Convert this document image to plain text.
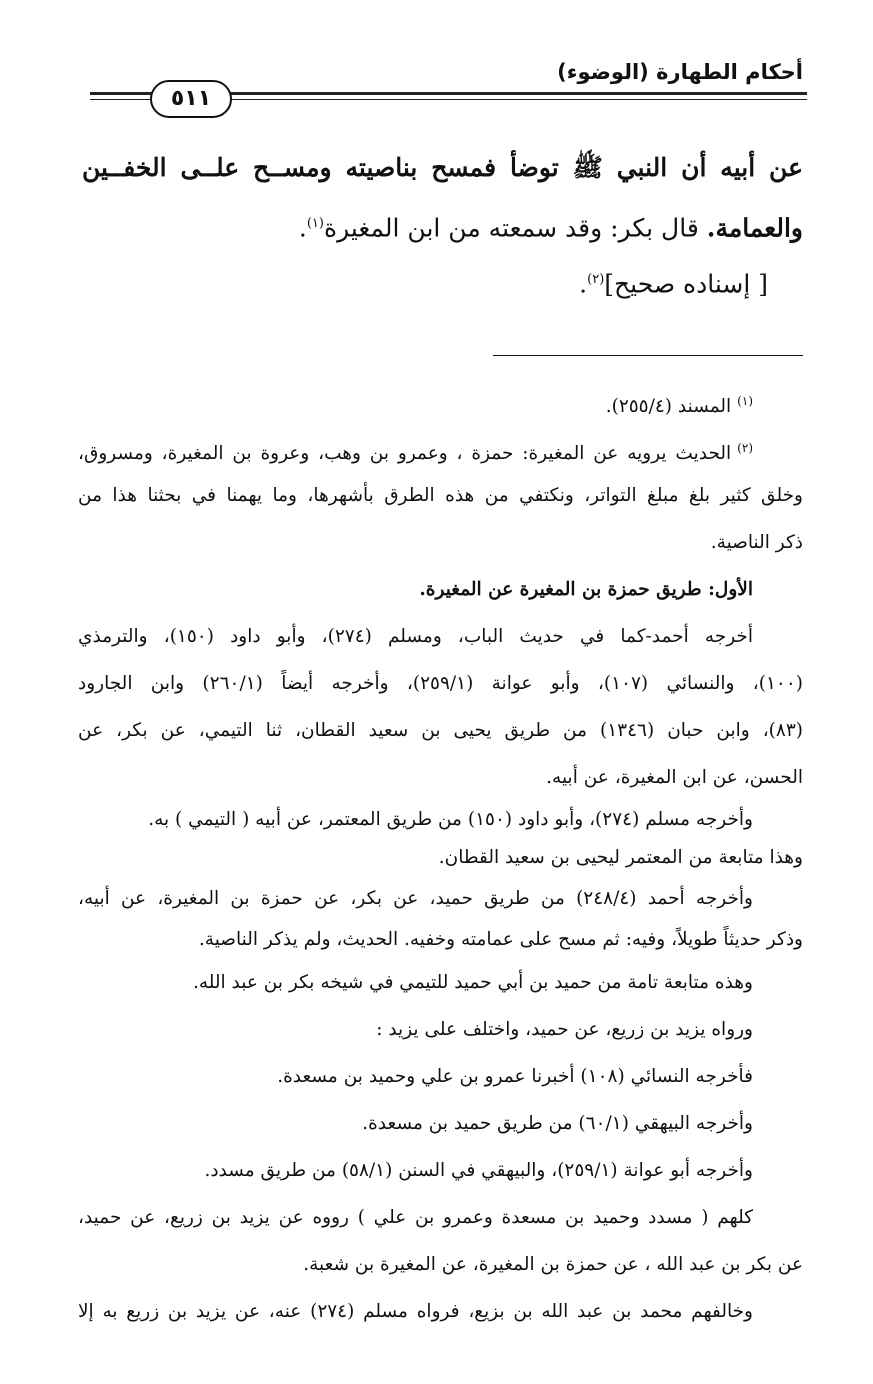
أحكام الطهارة (الوضوء)
٥١١
عن أبيه أن النبي ﷺ توضأ فمسح بناصيته ومســح علــى الخفــين
والعمامة. قال بكر: وقد سمعته من ابن المغيرة$^{(١)}$.
[ إسناده صحيح]$^{(٢)}$.
$^{(١)}$المسند (٢٥٥/٤).
$^{(٢)}$الحديث يرويه عن المغيرة: حمزة ، وعمرو بن وهب، وعروة بن المغيرة، ومسروق،
وخلق كثير بلغ مبلغ التواتر، ونكتفي من هذه الطرق بأشهرها، وما يهمنا في بحثنا هذا من
ذكر الناصية.
الأول: طريق حمزة بن المغيرة عن المغيرة.
أخرجه أحمد-كما في حديث الباب، ومسلم (٢٧٤)، وأبو داود (١٥٠)، والترمذي
(١٠٠)، والنسائي (١٠٧)، وأبو عوانة (٢٥٩/١)، وأخرجه أيضاً (٢٦٠/١) وابن الجارود
(٨٣)، وابن حبان (١٣٤٦) من طريق يحيى بن سعيد القطان، ثنا التيمي، عن بكر، عن
الحسن، عن ابن المغيرة، عن أبيه.
وأخرجه مسلم (٢٧٤)، وأبو داود (١٥٠) من طريق المعتمر، عن أبيه ( التيمي ) به.
وهذا متابعة من المعتمر ليحيى بن سعيد القطان.
وأخرجه أحمد (٢٤٨/٤) من طريق حميد، عن بكر، عن حمزة بن المغيرة، عن أبيه،
وذكر حديثاً طويلاً، وفيه: ثم مسح على عمامته وخفيه. الحديث، ولم يذكر الناصية.
وهذه متابعة تامة من حميد بن أبي حميد للتيمي في شيخه بكر بن عبد الله.
ورواه يزيد بن زريع، عن حميد، واختلف على يزيد :
فأخرجه النسائي (١٠٨) أخبرنا عمرو بن علي وحميد بن مسعدة.
وأخرجه البيهقي (٦٠/١) من طريق حميد بن مسعدة.
وأخرجه أبو عوانة (٢٥٩/١)، والبيهقي في السنن (٥٨/١) من طريق مسدد.
كلهم ( مسدد وحميد بن مسعدة وعمرو بن علي ) رووه عن يزيد بن زريع، عن حميد،
عن بكر بن عبد الله ، عن حمزة بن المغيرة، عن المغيرة بن شعبة.
وخالفهم محمد بن عبد الله بن بزيع، فرواه مسلم (٢٧٤) عنه، عن يزيد بن زريع به إلا
